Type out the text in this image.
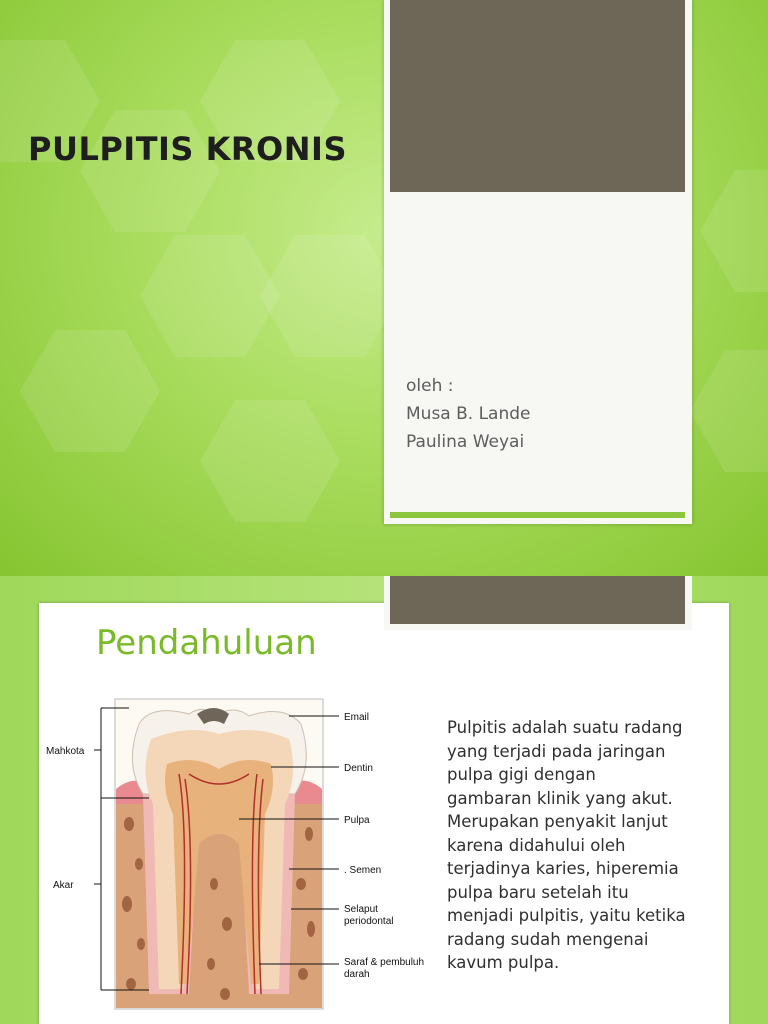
PULPITIS KRONIS
oleh :
Musa B. Lande
Paulina Weyai
Pendahuluan
Mahkota
Akar
Email
Dentin
Pulpa
. Semen
Selaput
periodontal
Saraf & pembuluh
darah
Pulpitis adalah suatu radang
yang terjadi pada jaringan
pulpa gigi dengan
gambaran klinik yang akut.
Merupakan penyakit lanjut
karena didahului oleh
terjadinya karies, hiperemia
pulpa baru setelah itu
menjadi pulpitis, yaitu ketika
radang sudah mengenai
kavum pulpa.
